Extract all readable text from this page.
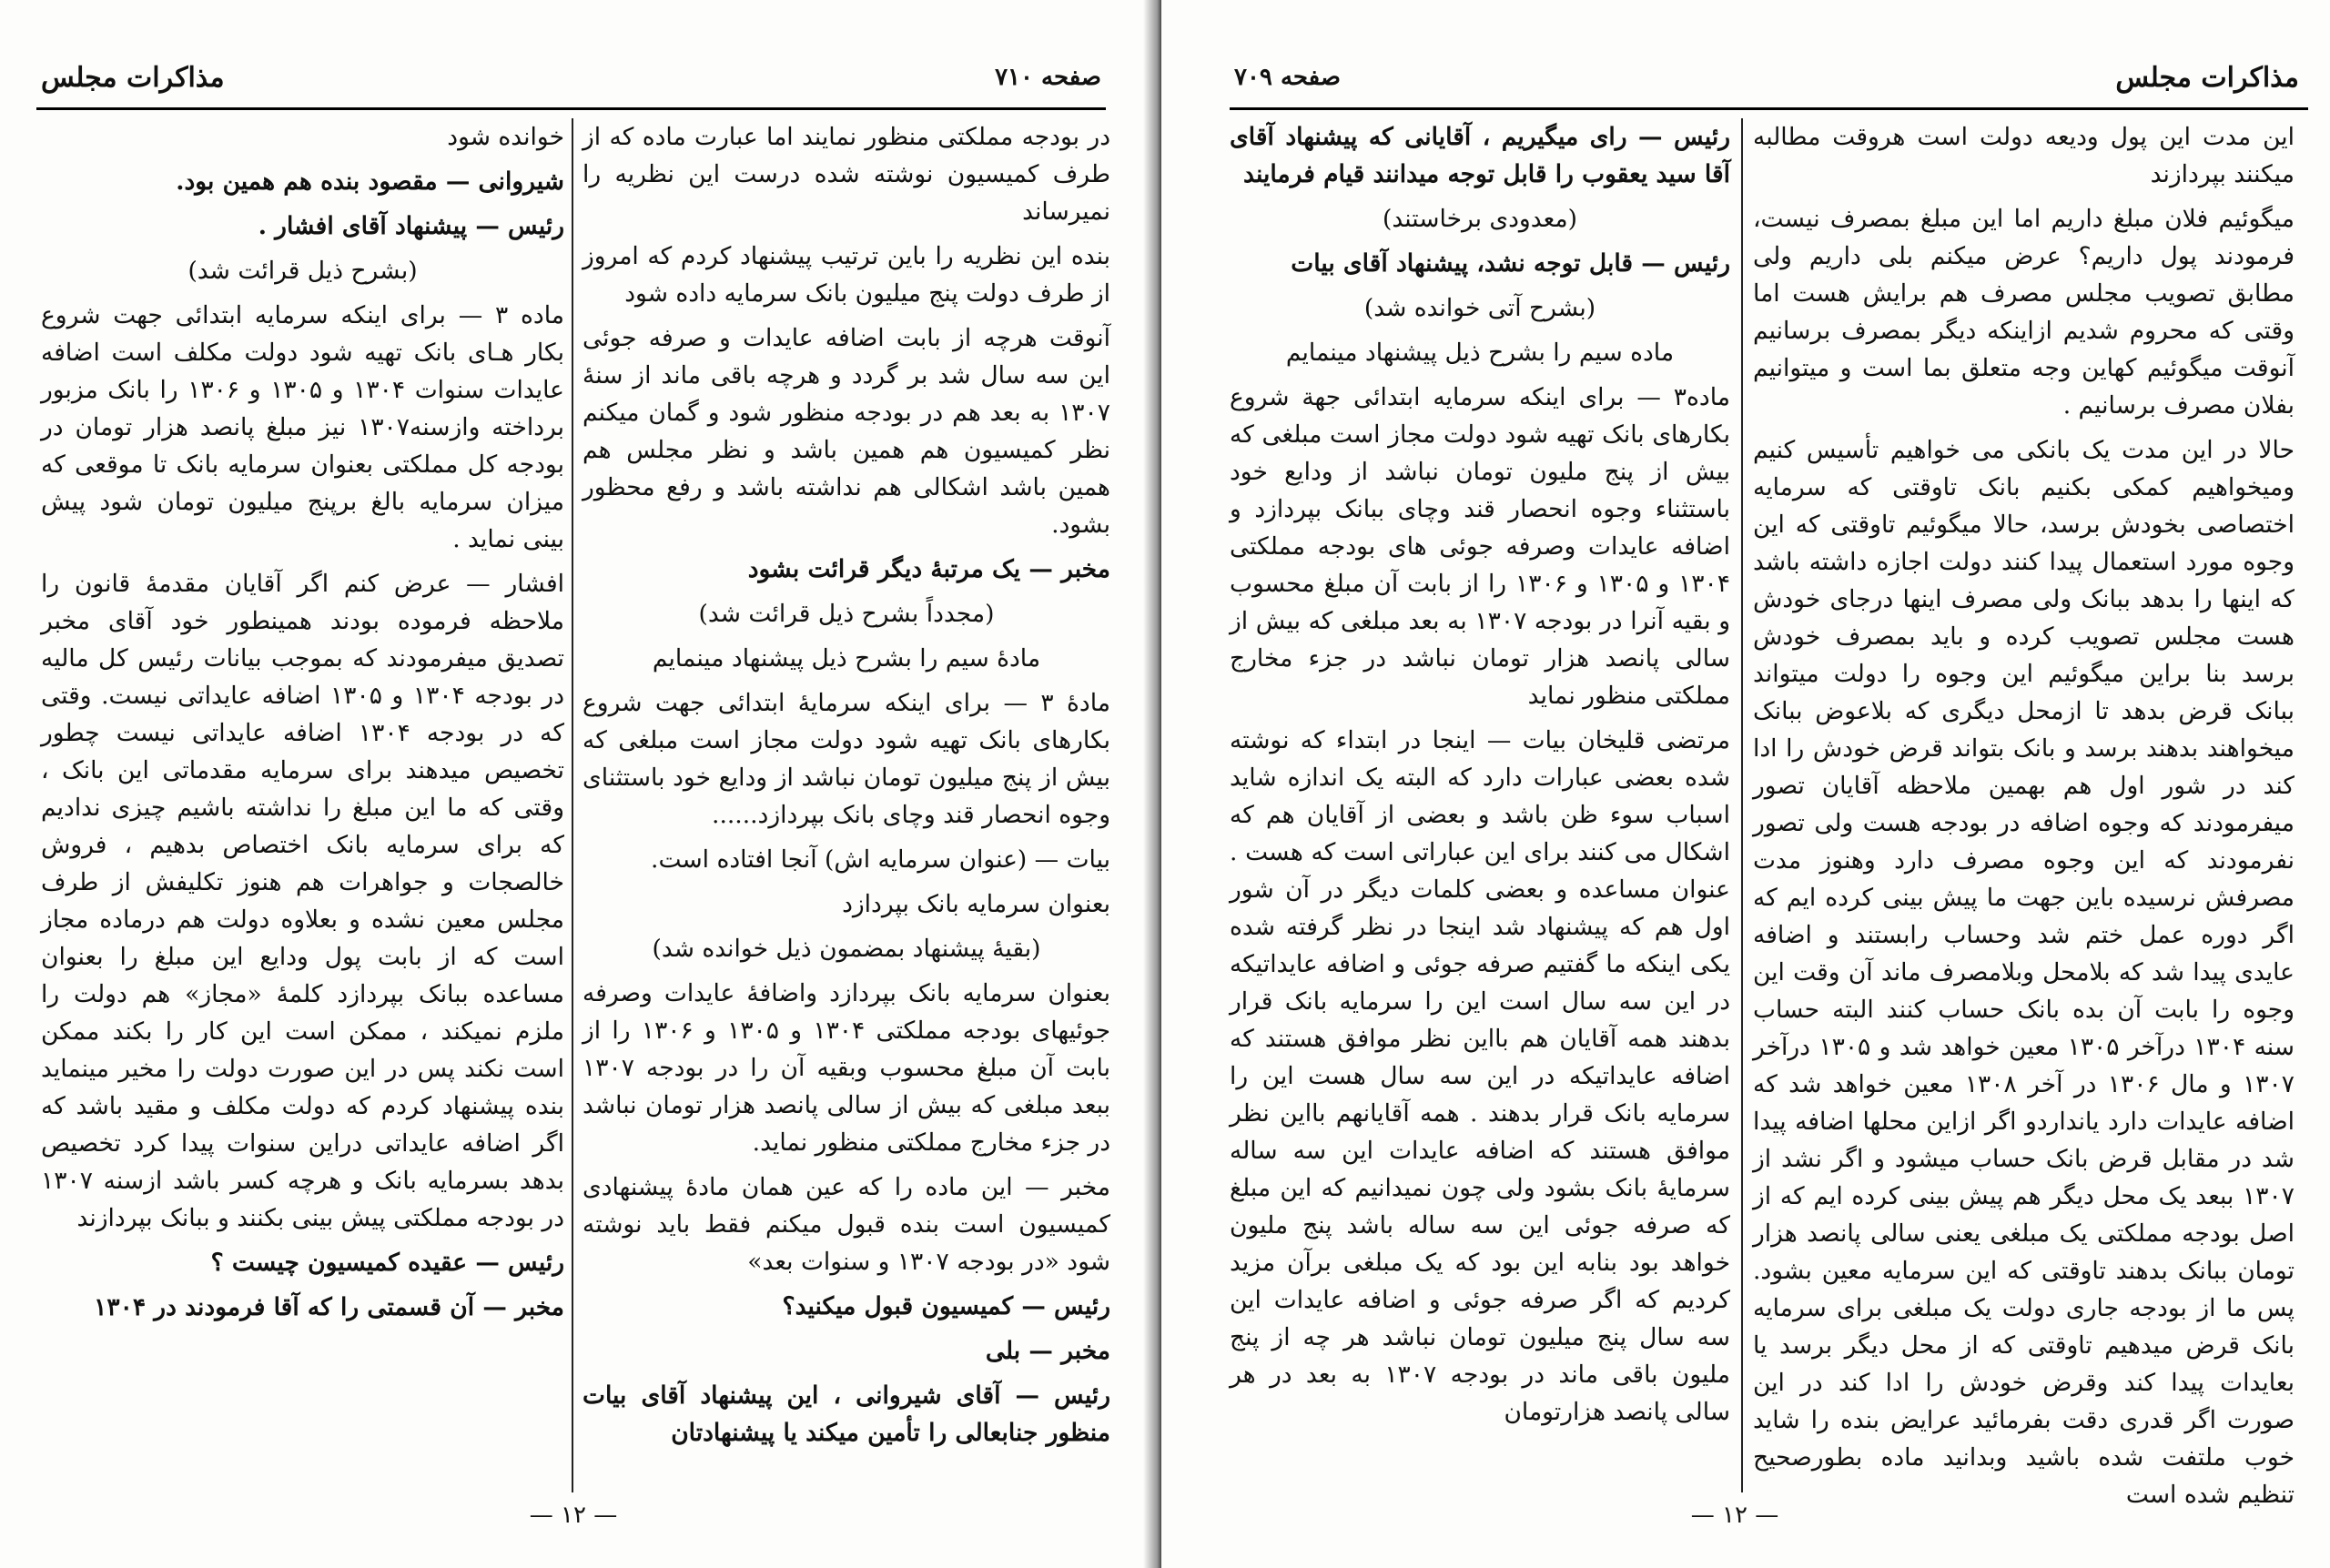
مذاکرات مجلس	صفحه ۷۱۰

در بودجه مملکتی منظور نمایند اما عبارت ماده که از طرف کمیسیون نوشته شده درست این نظریه را نمیرساند

بنده این نظریه را باین ترتیب پیشنهاد کردم که امروز از طرف دولت پنج میلیون بانک سرمایه داده شود

آنوقت هرچه از بابت اضافه عایدات و صرفه جوئی این سه سال شد بر گردد و هرچه باقی ماند از سنهٔ ۱۳۰۷ به بعد هم در بودجه منظور شود و گمان میکنم نظر کمیسیون هم همین باشد و نظر مجلس هم همین باشد اشکالی هم نداشته باشد و رفع محظور بشود.

مخبر — یک مرتبهٔ دیگر قرائت بشود

(مجدداً بشرح ذیل قرائت شد)

مادهٔ سیم را بشرح ذیل پیشنهاد مینمایم

مادهٔ ۳ — برای اینکه سرمایهٔ ابتدائی جهت شروع بکارهای بانک تهیه شود دولت مجاز است مبلغی که بیش از پنج میلیون تومان نباشد از ودایع خود باستثنای وجوه انحصار قند وچای بانک بپردازد......

بیات — (عنوان سرمایه اش) آنجا افتاده است.

بعنوان سرمایه بانک بپردازد

(بقیهٔ پیشنهاد بمضمون ذیل خوانده شد)

بعنوان سرمایه بانک بپردازد واضافهٔ عایدات وصرفه جوئیهای بودجه مملکتی ۱۳۰۴ و ۱۳۰۵ و ۱۳۰۶ را از بابت آن مبلغ محسوب وبقیه آن را در بودجه ۱۳۰۷ ببعد مبلغی که بیش از سالی پانصد هزار تومان نباشد در جزء مخارج مملکتی منظور نماید.

مخبر — این ماده را که عین همان مادهٔ پیشنهادی کمیسیون است بنده قبول میکنم فقط باید نوشته شود «در بودجه ۱۳۰۷ و سنوات بعد»

رئیس — کمیسیون قبول میکنید؟

مخبر — بلی

رئیس — آقای شیروانی ، این پیشنهاد آقای بیات منظور جنابعالی را تأمین میکند یا پیشنهادتان

خوانده شود

شیروانی — مقصود بنده هم همین بود.

رئیس — پیشنهاد آقای افشار .

(بشرح ذیل قرائت شد)

ماده ۳ — برای اینکه سرمایه ابتدائی جهت شروع بکار هـای بانک تهیه شود دولت مکلف است اضافه عایدات سنوات ۱۳۰۴ و ۱۳۰۵ و ۱۳۰۶ را بانک مزبور برداخته وازسنه۱۳۰۷ نیز مبلغ پانصد هزار تومان در بودجه کل مملکتی بعنوان سرمایه بانک تا موقعی که میزان سرمایه بالغ برپنج میلیون تومان شود پیش بینی نماید .

افشار — عرض کنم اگر آقایان مقدمهٔ قانون را ملاحظه فرموده بودند همینطور خود آقای مخبر تصدیق میفرمودند که بموجب بیانات رئیس کل مالیه در بودجه ۱۳۰۴ و ۱۳۰۵ اضافه عایداتی نیست. وقتی که در بودجه ۱۳۰۴ اضافه عایداتی نیست چطور تخصیص میدهند برای سرمایه مقدماتی این بانک ، وقتی که ما این مبلغ را نداشته باشیم چیزی ندادیم که برای سرمایه بانک اختصاص بدهیم ، فروش خالصجات و جواهرات هم هنوز تکلیفش از طرف مجلس معین نشده و بعلاوه دولت هم درماده مجاز است که از بابت پول ودایع این مبلغ را بعنوان مساعده ببانک بپردازد کلمهٔ «مجاز» هم دولت را ملزم نمیکند ، ممکن است این کار را بکند ممکن است نکند پس در این صورت دولت را مخیر مینماید بنده پیشنهاد کردم که دولت مکلف و مقید باشد که اگر اضافه عایداتی دراین سنوات پیدا کرد تخصیص بدهد بسرمایه بانک و هرچه کسر باشد ازسنه ۱۳۰۷ در بودجه مملکتی پیش بینی بکنند و ببانک بپردازند

رئیس — عقیده کمیسیون چیست ؟

مخبر — آن قسمتی را که آقا فرمودند در ۱۳۰۴

— ۱۲ —
صفحه ۷۰۹	مذاکرات مجلس

این مدت این پول ودیعه دولت است هروقت مطالبه میکنند بپردازند

میگوئیم فلان مبلغ داریم اما این مبلغ بمصرف نیست، فرمودند پول داریم؟ عرض میکنم بلی داریم ولی مطابق تصویب مجلس مصرف هم برایش هست اما وقتی که محروم شدیم ازاینکه دیگر بمصرف برسانیم آنوقت میگوئیم کهاین وجه متعلق بما است و میتوانیم بفلان مصرف برسانیم .

حالا در این مدت یک بانکی می خواهیم تأسیس کنیم ومیخواهیم کمکی بکنیم بانک تاوقتی که سرمایه اختصاصی بخودش برسد، حالا میگوئیم تاوقتی که این وجوه مورد استعمال پیدا کنند دولت اجازه داشته باشد که اینها را بدهد ببانک ولی مصرف اینها درجای خودش هست مجلس تصویب کرده و باید بمصرف خودش برسد بنا براین میگوئیم این وجوه را دولت میتواند ببانک قرض بدهد تا ازمحل دیگری که بلاعوض ببانک میخواهند بدهند برسد و بانک بتواند قرض خودش را ادا کند در شور اول هم بهمین ملاحظه آقایان تصور میفرمودند که وجوه اضافه در بودجه هست ولی تصور نفرمودند که این وجوه مصرف دارد وهنوز مدت مصرفش نرسیده باین جهت ما پیش بینی کرده ایم که اگر دوره عمل ختم شد وحساب رابستند و اضافه عایدی پیدا شد که بلامحل وبلامصرف ماند آن وقت این وجوه را بابت آن بده بانک حساب کنند البته حساب سنه ۱۳۰۴ درآخر ۱۳۰۵ معین خواهد شد و ۱۳۰۵ درآخر ۱۳۰۷ و مال ۱۳۰۶ در آخر ۱۳۰۸ معین خواهد شد که اضافه عایدات دارد یانداردو اگر ازاین محلها اضافه پیدا شد در مقابل قرض بانک حساب میشود و اگر نشد از ۱۳۰۷ ببعد یک محل دیگر هم پیش بینی کرده ایم که از اصل بودجه مملکتی یک مبلغی یعنی سالی پانصد هزار تومان ببانک بدهند تاوقتی که این سرمایه معین بشود. پس ما از بودجه جاری دولت یک مبلغی برای سرمایه بانک قرض میدهیم تاوقتی که از محل دیگر برسد یا بعایدات پیدا کند وقرض خودش را ادا کند در این صورت اگر قدری دقت بفرمائید عرایض بنده را شاید خوب ملتفت شده باشید وبدانید ماده بطورصحیح تنظیم شده است

رئیس — رای میگیریم ، آقایانی که پیشنهاد آقای آقا سید یعقوب را قابل توجه میدانند قیام فرمایند

(معدودی برخاستند)

رئیس — قابل توجه نشد، پیشنهاد آقای بیات

(بشرح آتی خوانده شد)

ماده سیم را بشرح ذیل پیشنهاد مینمایم

ماده۳ — برای اینکه سرمایه ابتدائی جهة شروع بکارهای بانک تهیه شود دولت مجاز است مبلغی که بیش از پنج ملیون تومان نباشد از ودایع خود باستثناء وجوه انحصار قند وچای ببانک بپردازد و اضافه عایدات وصرفه جوئی های بودجه مملکتی ۱۳۰۴ و ۱۳۰۵ و ۱۳۰۶ را از بابت آن مبلغ محسوب و بقیه آنرا در بودجه ۱۳۰۷ به بعد مبلغی که بیش از سالی پانصد هزار تومان نباشد در جزء مخارج مملکتی منظور نماید

مرتضی قلیخان بیات — اینجا در ابتداء که نوشته شده بعضی عبارات دارد که البته یک اندازه شاید اسباب سوء ظن باشد و بعضی از آقایان هم که اشکال می کنند برای این عباراتی است که هست . عنوان مساعده و بعضی کلمات دیگر در آن شور اول هم که پیشنهاد شد اینجا در نظر گرفته شده یکی اینکه ما گفتیم صرفه جوئی و اضافه عایداتیکه در این سه سال است این را سرمایه بانک قرار بدهند همه آقایان هم بااین نظر موافق هستند که اضافه عایداتیکه در این سه سال هست این را سرمایه بانک قرار بدهند . همه آقایانهم بااین نظر موافق هستند که اضافه عایدات این سه ساله سرمایهٔ بانک بشود ولی چون نمیدانیم که این مبلغ که صرفه جوئی این سه ساله باشد پنج ملیون خواهد بود بنابه این بود که یک مبلغی برآن مزید کردیم که اگر صرفه جوئی و اضافه عایدات این سه سال پنج میلیون تومان نباشد هر چه از پنج ملیون باقی ماند در بودجه ۱۳۰۷ به بعد در هر سالی پانصد هزارتومان

— ۱۲ —
